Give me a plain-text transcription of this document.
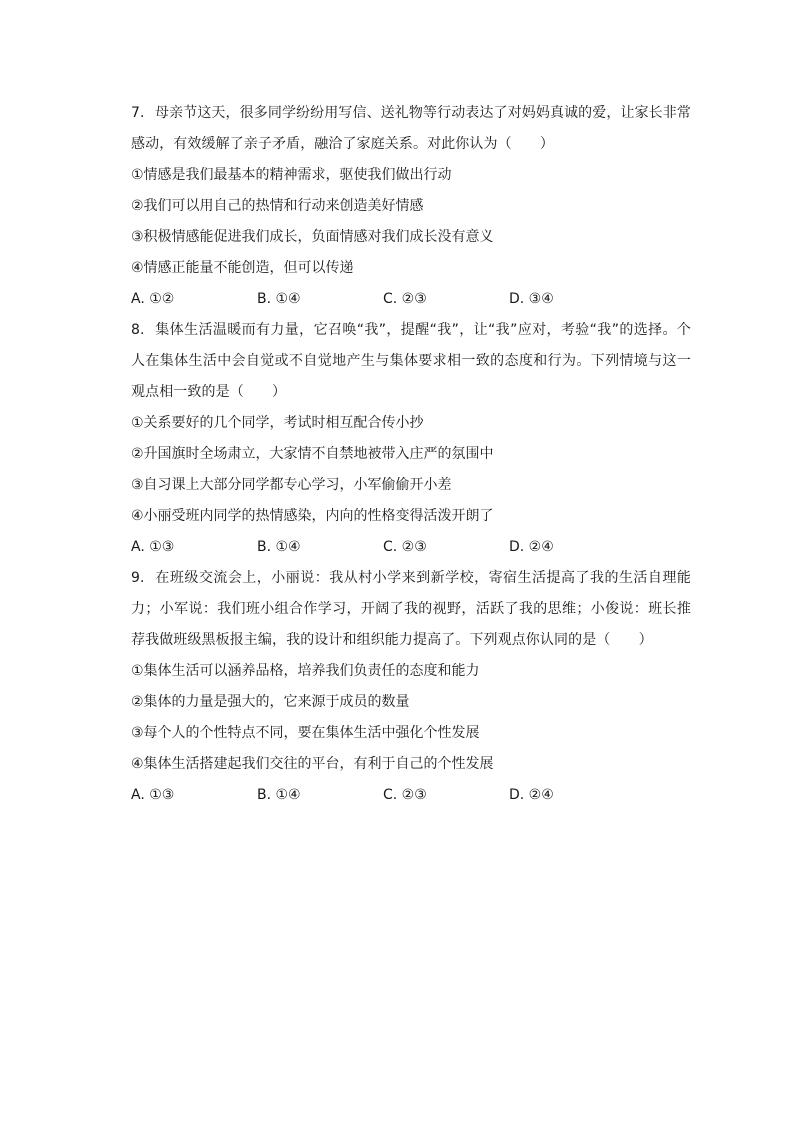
7. 母亲节这天，很多同学纷纷用写信、送礼物等行动表达了对妈妈真诚的爱，让家长非常感动，有效缓解了亲子矛盾，融洽了家庭关系。对此你认为（　　）

①情感是我们最基本的精神需求，驱使我们做出行动

②我们可以用自己的热情和行动来创造美好情感

③积极情感能促进我们成长，负面情感对我们成长没有意义

④情感正能量不能创造，但可以传递

A. ①②	B. ①④	C. ②③	D. ③④

8. 集体生活温暖而有力量，它召唤“我”，提醒“我”，让“我”应对，考验“我”的选择。个人在集体生活中会自觉或不自觉地产生与集体要求相一致的态度和行为。下列情境与这一观点相一致的是（　　）

①关系要好的几个同学，考试时相互配合传小抄

②升国旗时全场肃立，大家情不自禁地被带入庄严的氛围中

③自习课上大部分同学都专心学习，小军偷偷开小差

④小丽受班内同学的热情感染，内向的性格变得活泼开朗了

A. ①③	B. ①④	C. ②③	D. ②④

9. 在班级交流会上，小丽说：我从村小学来到新学校，寄宿生活提高了我的生活自理能力；小军说：我们班小组合作学习，开阔了我的视野，活跃了我的思维；小俊说：班长推荐我做班级黑板报主编，我的设计和组织能力提高了。下列观点你认同的是（　　）

①集体生活可以涵养品格，培养我们负责任的态度和能力

②集体的力量是强大的，它来源于成员的数量

③每个人的个性特点不同，要在集体生活中强化个性发展

④集体生活搭建起我们交往的平台，有利于自己的个性发展

A. ①③	B. ①④	C. ②③	D. ②④
